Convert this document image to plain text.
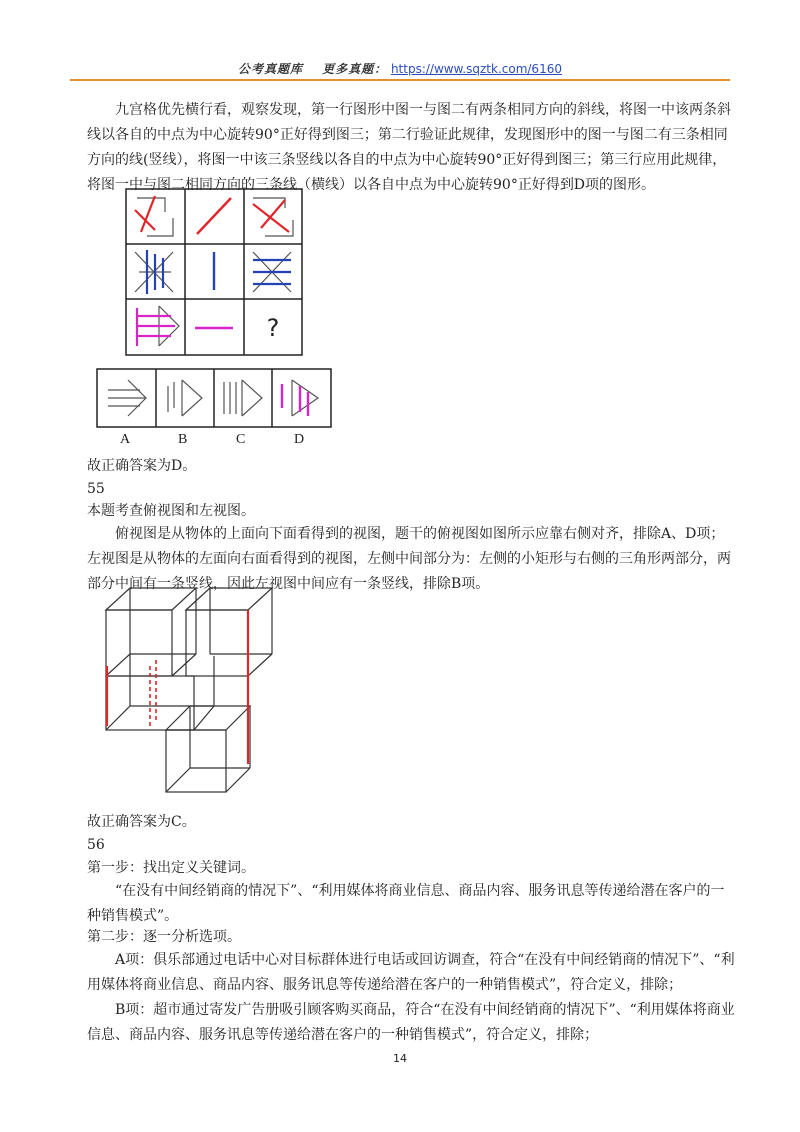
公考真题库 更多真题： https://www.sqztk.com/6160

九宫格优先横行看，观察发现，第一行图形中图一与图二有两条相同方向的斜线，将图一中该两条斜线以各自的中点为中心旋转90°正好得到图三；第二行验证此规律，发现图形中的图一与图二有三条相同方向的线(竖线），将图一中该三条竖线以各自的中点为中心旋转90°正好得到图三；第三行应用此规律，将图一中与图二相同方向的三条线（横线）以各自中点为中心旋转90°正好得到D项的图形。

?
A	B	C	D

故正确答案为D。

55

本题考查俯视图和左视图。

俯视图是从物体的上面向下面看得到的视图，题干的俯视图如图所示应靠右侧对齐，排除A、D项；左视图是从物体的左面向右面看得到的视图，左侧中间部分为：左侧的小矩形与右侧的三角形两部分，两部分中间有一条竖线，因此左视图中间应有一条竖线，排除B项。

故正确答案为C。

56

第一步：找出定义关键词。

“在没有中间经销商的情况下”、“利用媒体将商业信息、商品内容、服务讯息等传递给潜在客户的一种销售模式”。

第二步：逐一分析选项。

A项：俱乐部通过电话中心对目标群体进行电话或回访调查，符合“在没有中间经销商的情况下”、“利用媒体将商业信息、商品内容、服务讯息等传递给潜在客户的一种销售模式”，符合定义，排除；

B项：超市通过寄发广告册吸引顾客购买商品，符合“在没有中间经销商的情况下”、“利用媒体将商业信息、商品内容、服务讯息等传递给潜在客户的一种销售模式”，符合定义，排除；

14
